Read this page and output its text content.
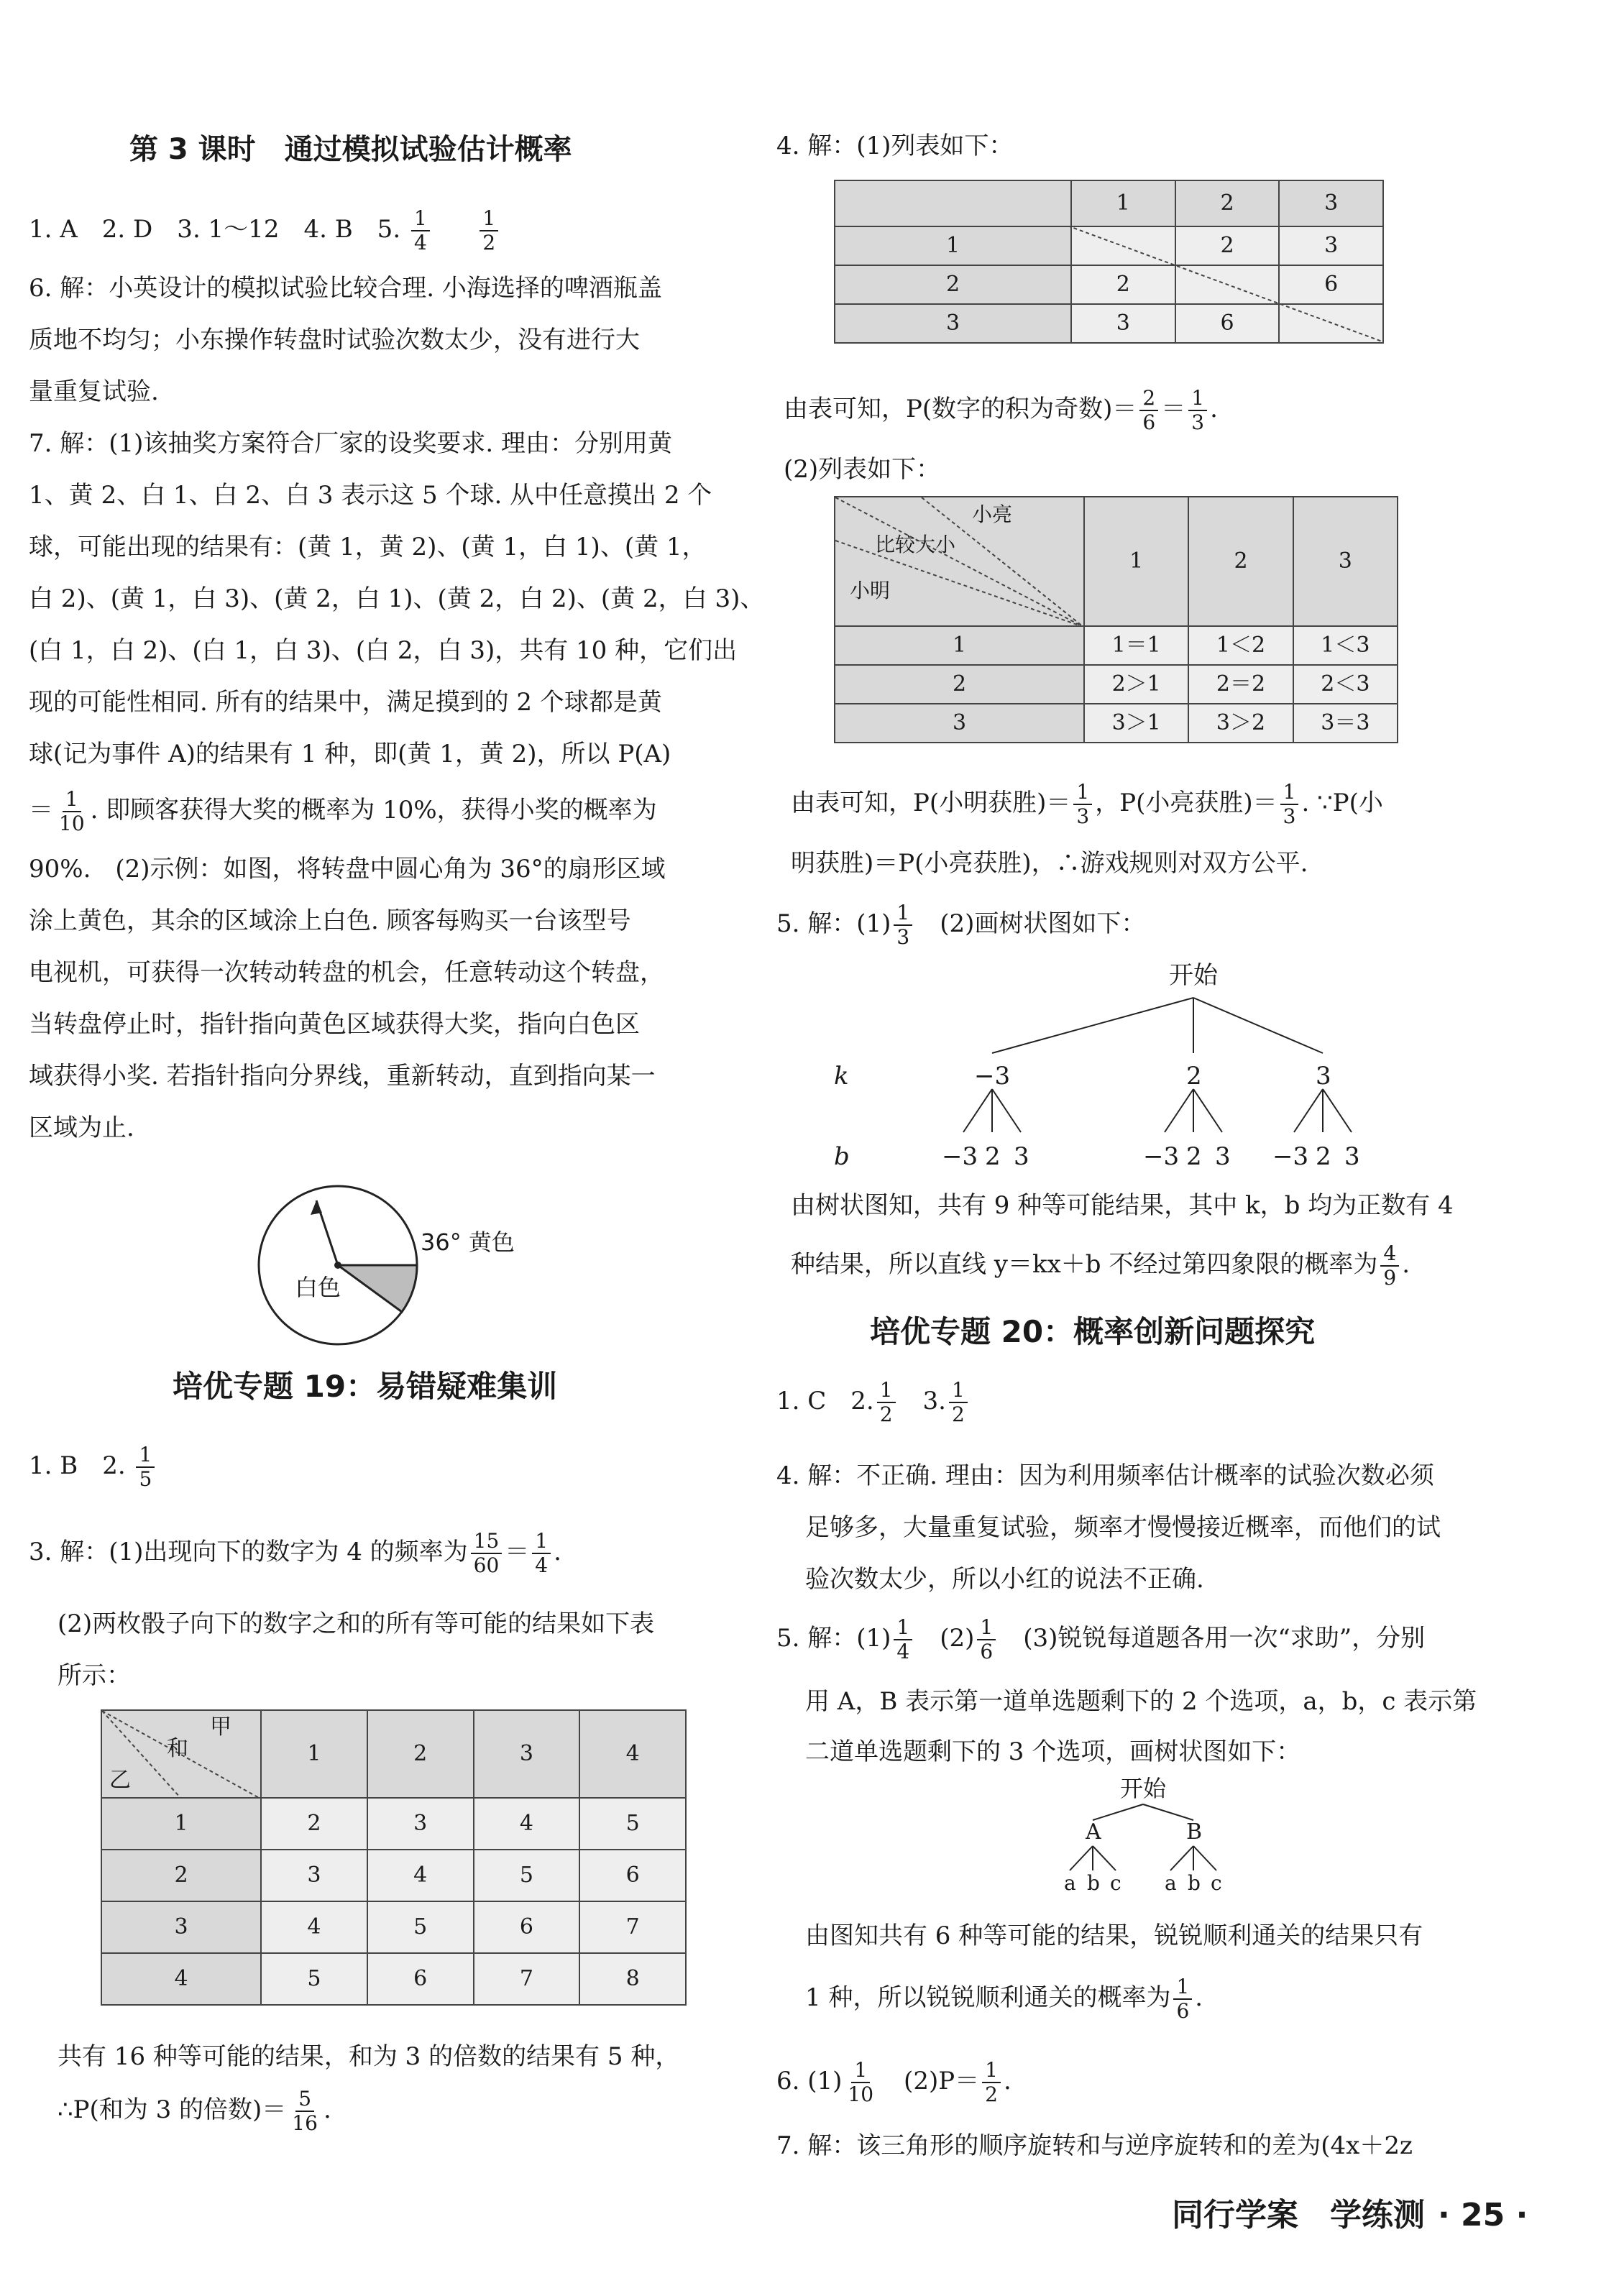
第 3 课时　通过模拟试验估计概率
1. A　2. D　3. 1～12　4. B　5. $\frac{1}{4}$
$\frac{1}{2}$
6. 解：小英设计的模拟试验比较合理. 小海选择的啤酒瓶盖
质地不均匀；小东操作转盘时试验次数太少，没有进行大
量重复试验.
7. 解：(1)该抽奖方案符合厂家的设奖要求. 理由：分别用黄
1、黄 2、白 1、白 2、白 3 表示这 5 个球. 从中任意摸出 2 个
球，可能出现的结果有：(黄 1，黄 2)、(黄 1，白 1)、(黄 1，
白 2)、(黄 1，白 3)、(黄 2，白 1)、(黄 2，白 2)、(黄 2，白 3)、
(白 1，白 2)、(白 1，白 3)、(白 2，白 3)，共有 10 种，它们出
现的可能性相同. 所有的结果中，满足摸到的 2 个球都是黄
球(记为事件 A)的结果有 1 种，即(黄 1，黄 2)，所以 P(A)
＝ $\frac{1}{10}$ . 即顾客获得大奖的概率为 10%，获得小奖的概率为
90%.　(2)示例：如图，将转盘中圆心角为 36°的扇形区域
涂上黄色，其余的区域涂上白色. 顾客每购买一台该型号
电视机，可获得一次转动转盘的机会，任意转动这个转盘，
当转盘停止时，指针指向黄色区域获得大奖，指向白色区
域获得小奖. 若指针指向分界线，重新转动，直到指向某一
区域为止.
36° 黄色
白色
培优专题 19：易错疑难集训
1. B　2. $\frac{1}{5}$
3. 解：(1)出现向下的数字为 4 的频率为 $\frac{15}{60} = \frac{1}{4}$ .
(2)两枚骰子向下的数字之和的所有等可能的结果如下表
所示：
甲
和
乙	1	2	3	4
1	2	3	4	5
2	3	4	5	6
3	4	5	6	7
4	5	6	7	8
共有 16 种等可能的结果，和为 3 的倍数的结果有 5 种，
∴P(和为 3 的倍数)＝ $\frac{5}{16}$ .
4. 解：(1)列表如下：
	1	2	3
1		2	3
2	2		6
3	3	6	
由表可知，P(数字的积为奇数)＝ $\frac{2}{6} = \frac{1}{3}$ .
(2)列表如下：
小亮
比较大小
小明	1	2	3
1	1＝1	1＜2	1＜3
2	2＞1	2＝2	2＜3
3	3＞1	3＞2	3＝3
由表可知，P(小明获胜)＝ $\frac{1}{3}$ ，P(小亮获胜)＝ $\frac{1}{3}$ . ∵P(小
明获胜)＝P(小亮获胜)，∴游戏规则对双方公平.
5. 解：$(1) \frac{1}{3}$ 　(2)画树状图如下：
开始
k	−3	2	3
b	−3 2 3	−3 2 3 −3 2 3
由树状图知，共有 9 种等可能结果，其中 k，b 均为正数有 4
种结果，所以直线 y＝kx＋b 不经过第四象限的概率为 $\frac{4}{9}$ .
培优专题 20：概率创新问题探究
1. C　2. $\frac{1}{2}$ 　3. $\frac{1}{2}$
4. 解：不正确. 理由：因为利用频率估计概率的试验次数必须
足够多，大量重复试验，频率才慢慢接近概率，而他们的试
验次数太少，所以小红的说法不正确.
5. 解：$(1) \frac{1}{4}$ 　$(2) \frac{1}{6}$ 　(3)锐锐每道题各用一次“求助”，分别
用 A，B 表示第一道单选题剩下的 2 个选项，a，b，c 表示第
二道单选题剩下的 3 个选项，画树状图如下：
开始
A	B
a b c a b c
由图知共有 6 种等可能的结果，锐锐顺利通关的结果只有
1 种，所以锐锐顺利通关的概率为 $\frac{1}{6}$ .
6. $(1) \frac{1}{10}$ 　$(2)P= \frac{1}{2}$ .
7. 解：该三角形的顺序旋转和与逆序旋转和的差为(4x＋2z
同行学案　学练测 · 25 ·
